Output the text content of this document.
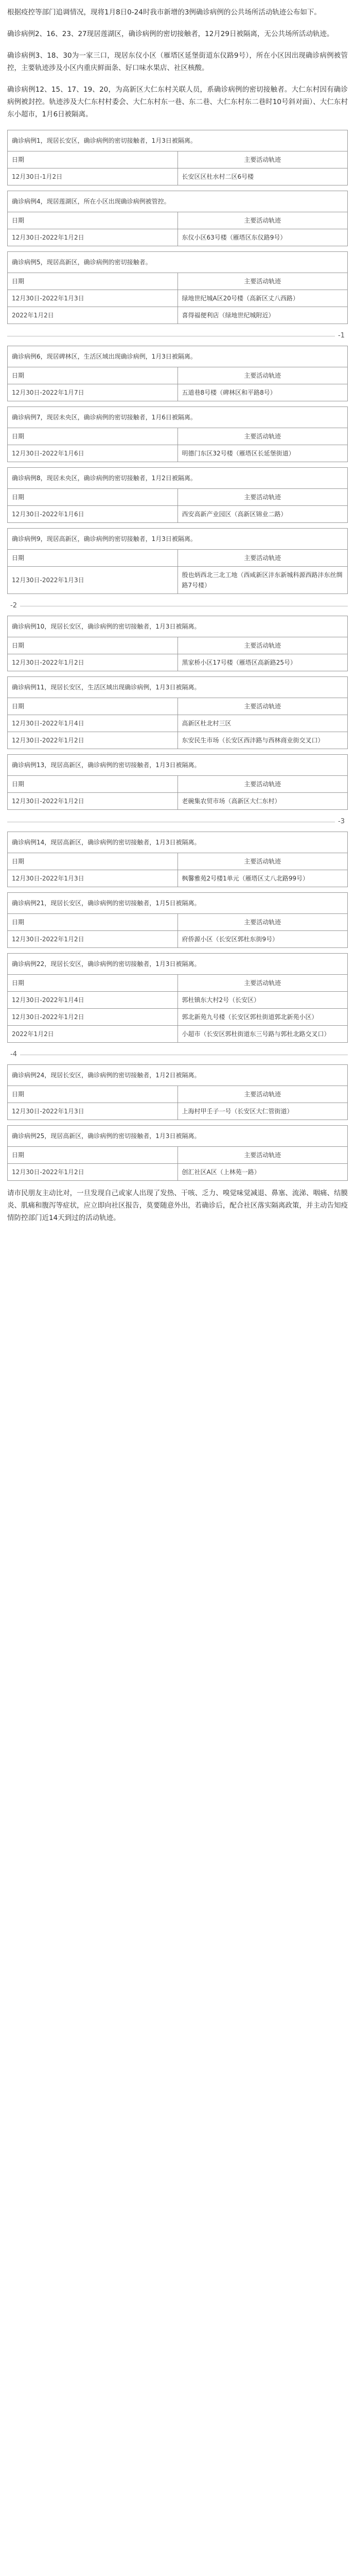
根据疫控等部门追调情况，现将1月8日0-24时我市新增的3例确诊病例的公共场所活动轨迹公布如下。

确诊病例2、16、23、27现居莲湖区，确诊病例的密切接触者，12月29日被隔离，无公共场所活动轨迹。

确诊病例3、18、30为一家三口，现居东仪小区（雁塔区延堡街道东仪路9号），所在小区因出现确诊病例被管控，主要轨迹涉及小区内重庆鲜面条、好口味水果店、社区核酸。

确诊病例12、15、17、19、20，为高新区大仁东村关联人员，系确诊病例的密切接触者。大仁东村因有确诊病例被封控。轨迹涉及大仁东村村委会、大仁东村东一巷、东二巷、大仁东村东二巷时10号斜对面）、大仁东村东小超市，1月6日被隔离。

确诊病例1，现居长安区，确诊病例的密切接触者，1月3日被隔离。	
日期	主要活动轨迹
12月30日-1月2日	长安区区杜水村二区6号楼
确诊病例4，现居莲湖区，所在小区出现确诊病例被管控。	
日期	主要活动轨迹
12月30日-2022年1月2日	东仪小区63号楼（雁塔区东仪路9号）
确诊病例5，现居高新区，确诊病例的密切接触者。	
日期	主要活动轨迹
12月30日-2022年1月3日	绿地世纪城A区20号楼（高新区丈八西路）
2022年1月2日	喜得福便利店（绿地世纪城附近）
-1
确诊病例6，现居碑林区，生活区域出现确诊病例，1月3日被隔离。	
日期	主要活动轨迹
12月30日-2022年1月7日	五道巷8号楼（碑林区和平路8号）
确诊病例7，现居未央区，确诊病例的密切接触者，1月6日被隔离。	
日期	主要活动轨迹
12月30日-2022年1月6日	明德门东区32号楼（雁塔区长延堡街道）
确诊病例8，现居未央区，确诊病例的密切接触者，1月2日被隔离。	
日期	主要活动轨迹
12月30日-2022年1月6日	西安高新产业园区（高新区锦业二路）
确诊病例9，现居高新区，确诊病例的密切接触者，1月3日被隔离。	
日期	主要活动轨迹
12月30日-2022年1月3日	殷也炳西北三北工地（西咸新区沣东新城科源西路沣东丝绸路7号楼）
-2
确诊病例10，现居长安区，确诊病例的密切接触者，1月3日被隔离。	
日期	主要活动轨迹
12月30日-2022年1月2日	黑家桥小区17号楼（雁塔区高新路25号）
确诊病例11，现居长安区，生活区域出现确诊病例，1月3日被隔离。	
日期	主要活动轨迹
12月30日-2022年1月4日	高新区杜北村三区
12月30日-2022年1月2日	东安民生市场（长安区西沣路与西林商业街交叉口）
确诊病例13，现居高新区，确诊病例的密切接触者，1月3日被隔离。	
日期	主要活动轨迹
12月30日-2022年1月2日	老碗集农贸市场（高新区大仁东村）
-3
确诊病例14，现居高新区，确诊病例的密切接触者，1月3日被隔离。	
日期	主要活动轨迹
12月30日-2022年1月3日	枫馨雅苑2号楼1单元（雁塔区丈八北路99号）
确诊病例21，现居长安区，确诊病例的密切接触者，1月5日被隔离。	
日期	主要活动轨迹
12月30日-2022年1月2日	府侨源小区（长安区郭杜东街9号）
确诊病例22，现居长安区，确诊病例的密切接触者，1月3日被隔离。	
日期	主要活动轨迹
12月30日-2022年1月4日	郭杜镇东大村2号（长安区）
12月30日-2022年1月2日	郭北新苑九号楼（长安区郭杜街道郭北新苑小区）
2022年1月2日	小超市（长安区郭杜街道东三号路与郭杜北路交叉口）
-4
确诊病例24，现居长安区，确诊病例的密切接触者，1月2日被隔离。	
日期	主要活动轨迹
12月30日-2022年1月3日	上海村甲壬子一号（长安区大仁管街道）
确诊病例25，现居高新区，确诊病例的密切接触者，1月3日被隔离。	
日期	主要活动轨迹
12月30日-2022年1月2日	创汇社区A区（上林苑一路）

请市民朋友主动比对，一旦发现自己或家人出现了发热、干咳、乏力、嗅觉味觉减退、鼻塞、流涕、咽痛、结膜炎、肌痛和腹泻等症状，应立即向社区报告，莫要随意外出，若确诊后，配合社区落实隔离政策，并主动告知疫情防控部门近14天到过的活动轨迹。
